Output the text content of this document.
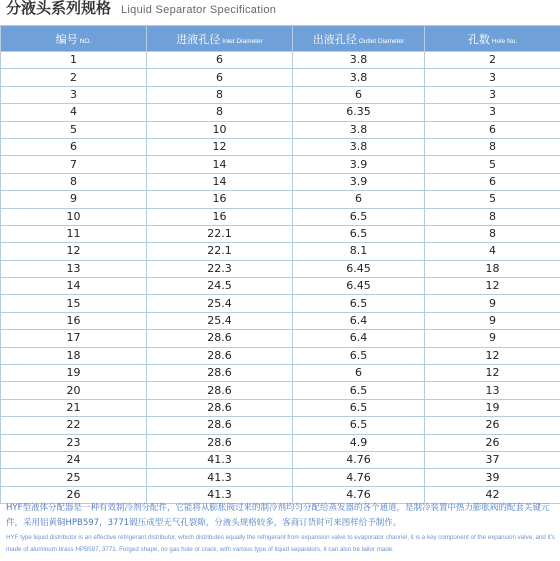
分液头系列规格 Liquid Separator Specification
编号 NO.	进液孔径 Inlet Diameter	出液孔径 Outlet Diameter	孔数 Hole No.
1	6	3.8	2
2	6	3.8	3
3	8	6	3
4	8	6.35	3
5	10	3.8	6
6	12	3.8	8
7	14	3.9	5
8	14	3.9	6
9	16	6	5
10	16	6.5	8
11	22.1	6.5	8
12	22.1	8.1	4
13	22.3	6.45	18
14	24.5	6.45	12
15	25.4	6.5	9
16	25.4	6.4	9
17	28.6	6.4	9
18	28.6	6.5	12
19	28.6	6	12
20	28.6	6.5	13
21	28.6	6.5	19
22	28.6	6.5	26
23	28.6	4.9	26
24	41.3	4.76	37
25	41.3	4.76	39
26	41.3	4.76	42

HYF型液体分配器是一种有效制冷剂分配件，它能将从膨胀阀过来的制冷剂均匀分配给蒸发器的各个通道，是制冷装置中热力膨胀阀的配套关键元件，采用铝黄铜HPB597，3771锻压成型无气孔裂隙，分液头规格较多，客商订货时可来图样给予制作。

HYF type liquid distributor is an effective refrigerant distributor, which distributes equally the refrigerant from expansion valve to evaporator channel, it is a key component of the expansion valve, and it’s made of aluminum brass HPB597, 3771. Forged shape, no gas hole or crack, with various type of liquid separators, it can also be tailor made.
